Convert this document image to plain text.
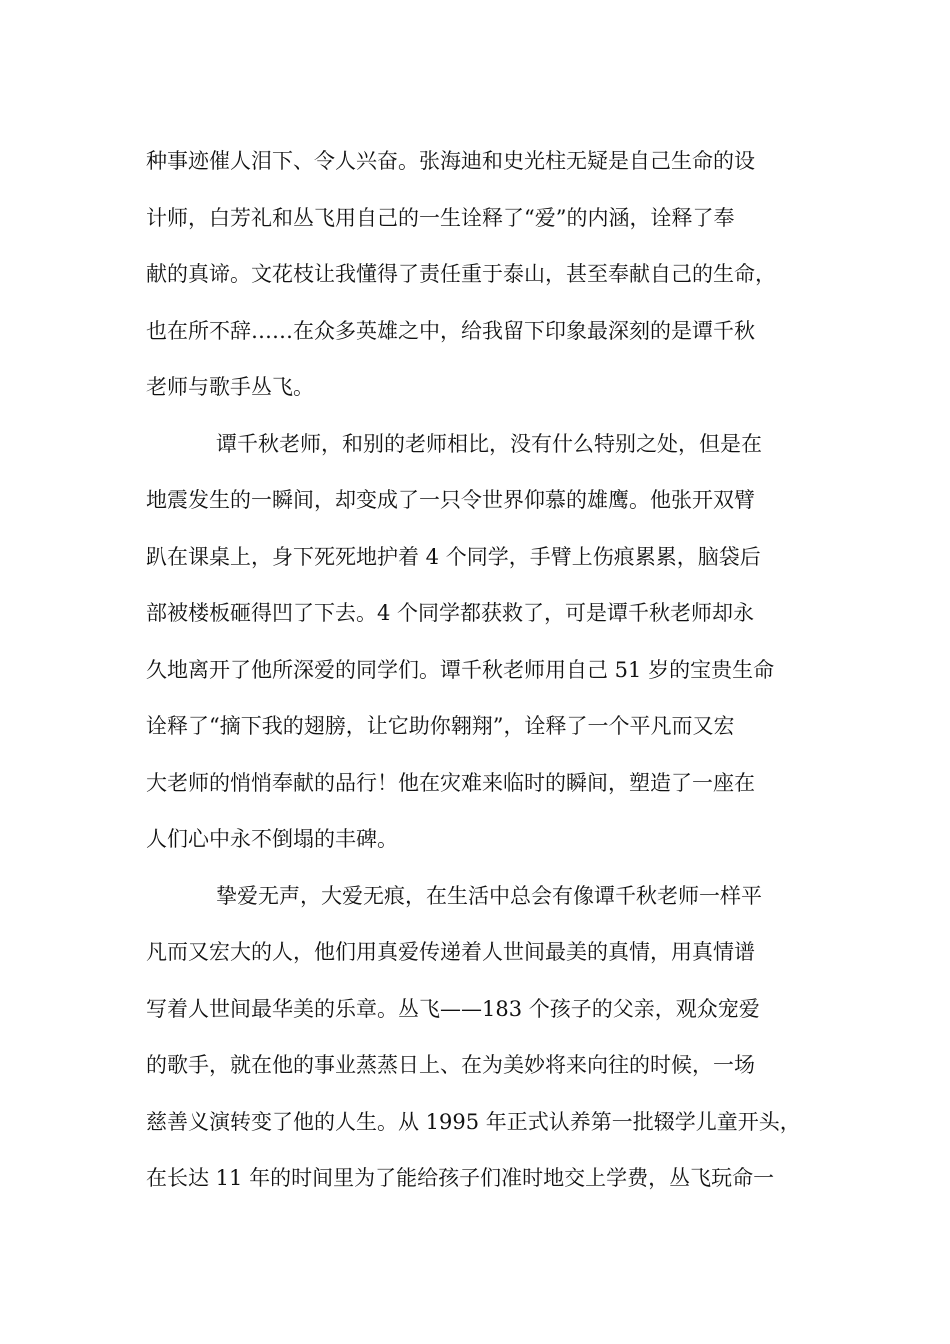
种事迹催人泪下、令人兴奋。张海迪和史光柱无疑是自己生命的设
计师，白芳礼和丛飞用自己的一生诠释了“爱”的内涵，诠释了奉
献的真谛。文花枝让我懂得了责任重于泰山，甚至奉献自己的生命，
也在所不辞……在众多英雄之中，给我留下印象最深刻的是谭千秋
老师与歌手丛飞。
谭千秋老师，和别的老师相比，没有什么特别之处，但是在
地震发生的一瞬间，却变成了一只令世界仰慕的雄鹰。他张开双臂
趴在课桌上，身下死死地护着 4 个同学，手臂上伤痕累累，脑袋后
部被楼板砸得凹了下去。4 个同学都获救了，可是谭千秋老师却永
久地离开了他所深爱的同学们。谭千秋老师用自己 51 岁的宝贵生命
诠释了“摘下我的翅膀，让它助你翱翔”，诠释了一个平凡而又宏
大老师的悄悄奉献的品行！他在灾难来临时的瞬间，塑造了一座在
人们心中永不倒塌的丰碑。
挚爱无声，大爱无痕，在生活中总会有像谭千秋老师一样平
凡而又宏大的人，他们用真爱传递着人世间最美的真情，用真情谱
写着人世间最华美的乐章。丛飞——183 个孩子的父亲，观众宠爱
的歌手，就在他的事业蒸蒸日上、在为美妙将来向往的时候，一场
慈善义演转变了他的人生。从 1995 年正式认养第一批辍学儿童开头，
在长达 11 年的时间里为了能给孩子们准时地交上学费，丛飞玩命一
